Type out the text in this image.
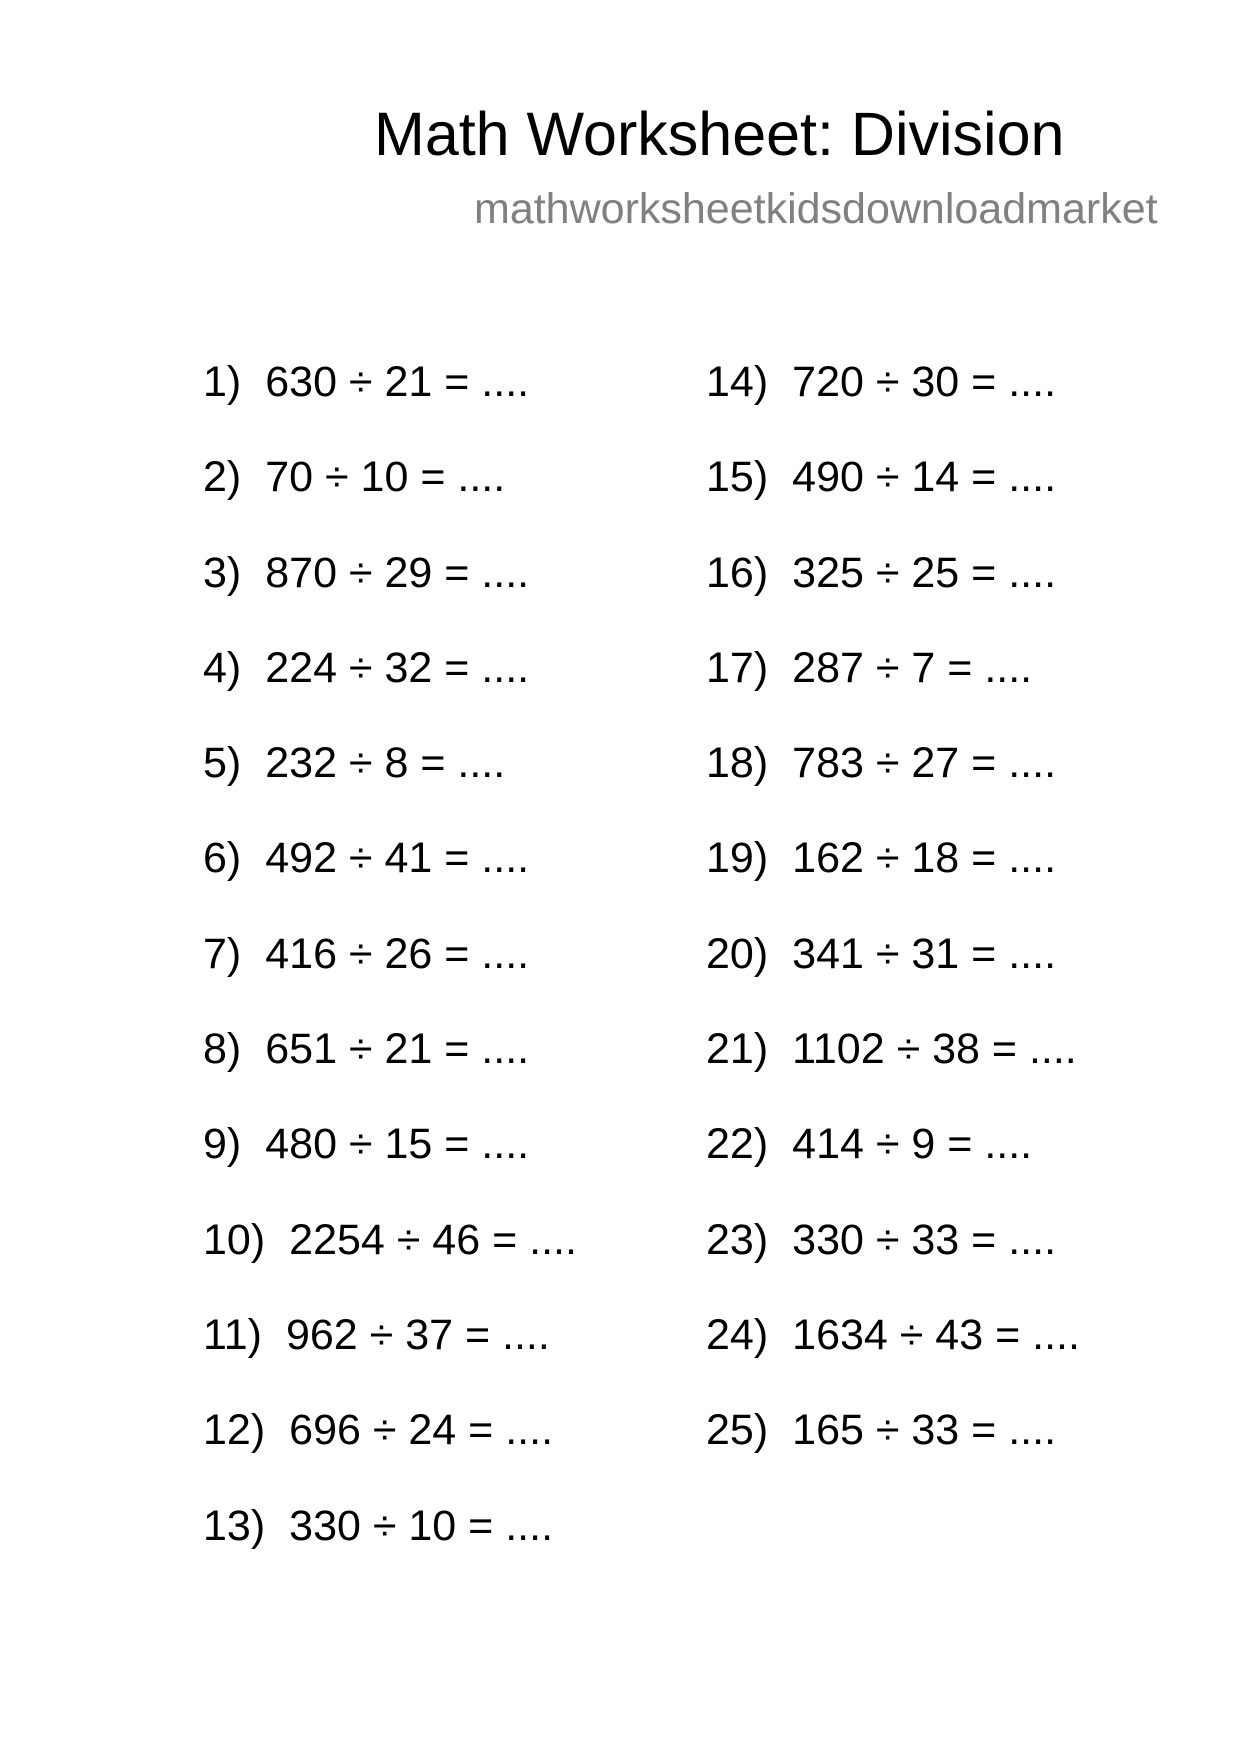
Math Worksheet: Division
mathworksheetkidsdownloadmarket
1) 630 ÷ 21 = ....
2) 70 ÷ 10 = ....
3) 870 ÷ 29 = ....
4) 224 ÷ 32 = ....
5) 232 ÷ 8 = ....
6) 492 ÷ 41 = ....
7) 416 ÷ 26 = ....
8) 651 ÷ 21 = ....
9) 480 ÷ 15 = ....
10) 2254 ÷ 46 = ....
11) 962 ÷ 37 = ....
12) 696 ÷ 24 = ....
13) 330 ÷ 10 = ....
14) 720 ÷ 30 = ....
15) 490 ÷ 14 = ....
16) 325 ÷ 25 = ....
17) 287 ÷ 7 = ....
18) 783 ÷ 27 = ....
19) 162 ÷ 18 = ....
20) 341 ÷ 31 = ....
21) 1102 ÷ 38 = ....
22) 414 ÷ 9 = ....
23) 330 ÷ 33 = ....
24) 1634 ÷ 43 = ....
25) 165 ÷ 33 = ....
